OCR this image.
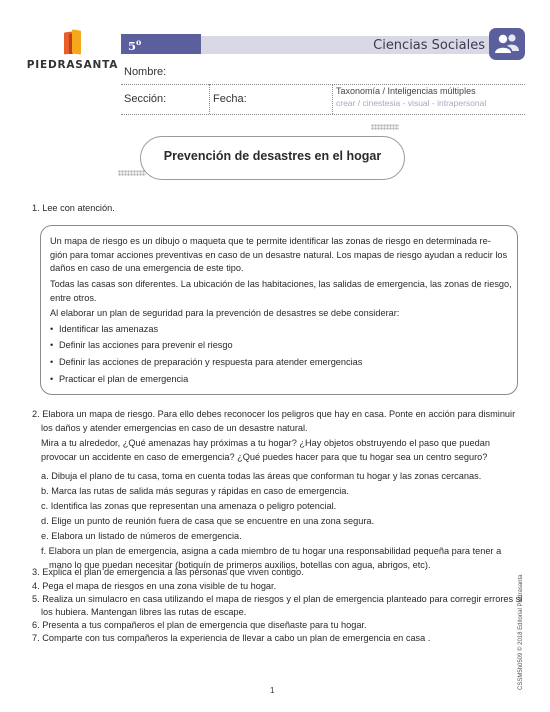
PIEDRASANTA
5$^o$ primaria
Ciencias Sociales
Nombre:
Sección:	Fecha:
Taxonomía / Inteligencias múltiples
crear / cinestesia - visual - intrapersonal
Prevención de desastres en el hogar
1. Lee con atención.
Un mapa de riesgo es un dibujo o maqueta que te permite identificar las zonas de riesgo en determinada re-
gión para tomar acciones preventivas en caso de un desastre natural. Los mapas de riesgo ayudan a reducir los
daños en caso de una emergencia de este tipo.
Todas las casas son diferentes. La ubicación de las habitaciones, las salidas de emergencia, las zonas de riesgo,
entre otros.
Al elaborar un plan de seguridad para la prevención de desastres se debe considerar:
• Identificar las amenazas
• Definir las acciones para prevenir el riesgo
• Definir las acciones de preparación y respuesta para atender emergencias
• Practicar el plan de emergencia
2. Elabora un mapa de riesgo. Para ello debes reconocer los peligros que hay en casa. Ponte en acción para disminuir
los daños y atender emergencias en caso de un desastre natural.
Mira a tu alrededor, ¿Qué amenazas hay próximas a tu hogar? ¿Hay objetos obstruyendo el paso que puedan
provocar un accidente en caso de emergencia? ¿Qué puedes hacer para que tu hogar sea un centro seguro?
a. Dibuja el plano de tu casa, toma en cuenta todas las áreas que conforman tu hogar y las zonas cercanas.
b. Marca las rutas de salida más seguras y rápidas en caso de emergencia.
c. Identifica las zonas que representan una amenaza o peligro potencial.
d. Elige un punto de reunión fuera de casa que se encuentre en una zona segura.
e. Elabora un listado de números de emergencia.
f. Elabora un plan de emergencia, asigna a cada miembro de tu hogar una responsabilidad pequeña para tener a
mano lo que puedan necesitar (botiquín de primeros auxilios, botellas con agua, abrigos, etc).
3. Explica el plan de emergencia a las personas que viven contigo.
4. Pega el mapa de riesgos en una zona visible de tu hogar.
5. Realiza un simulacro en casa utilizando el mapa de riesgos y el plan de emergencia planteado para corregir errores si
los hubiera. Mantengan libres las rutas de escape.
6. Presenta a tus compañeros el plan de emergencia que diseñaste para tu hogar.
7. Comparte con tus compañeros la experiencia de llevar a cabo un plan de emergencia en casa .	CSSM5h0509 © 2018 Editorial Piedrasanta
1
